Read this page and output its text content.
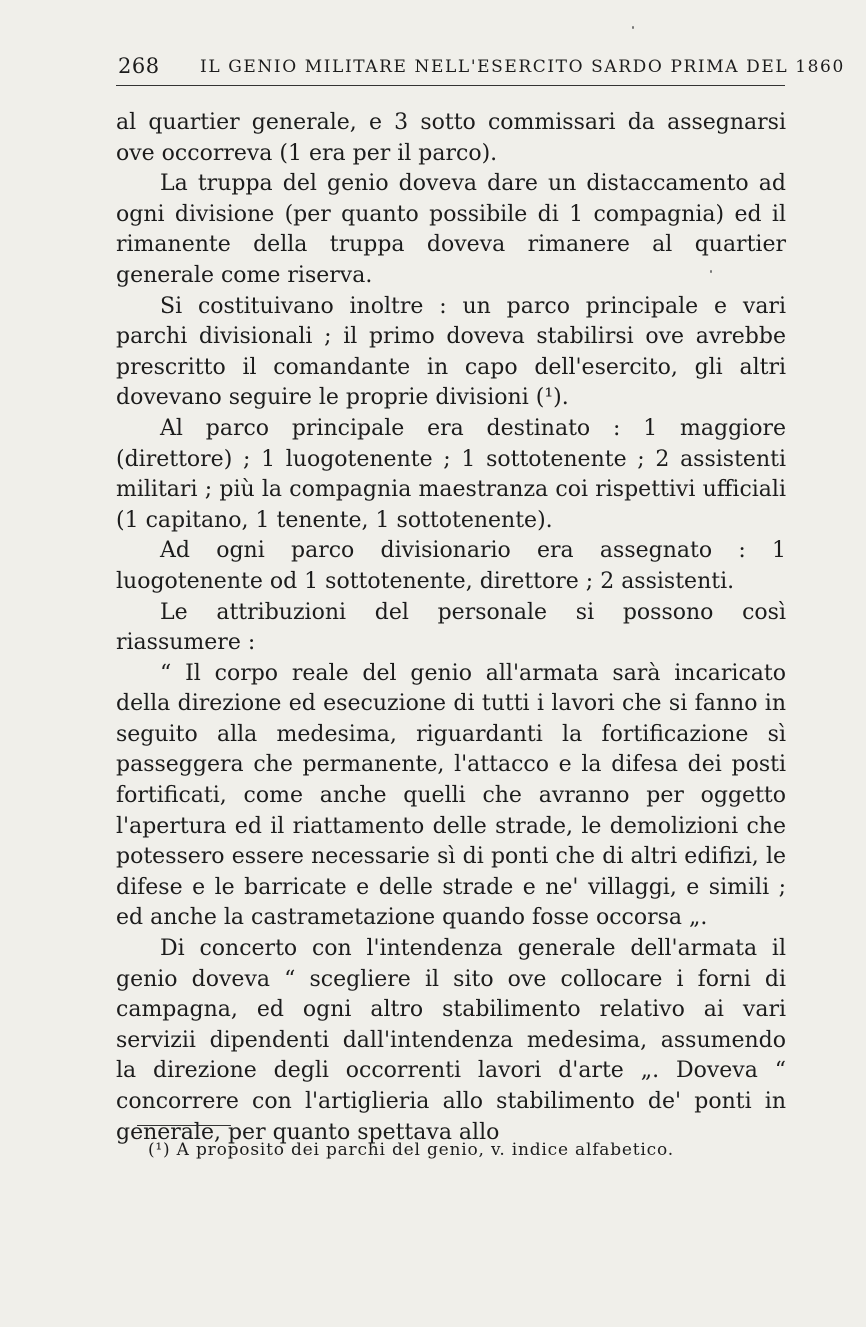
268 IL GENIO MILITARE NELL'ESERCITO SARDO PRIMA DEL 1860

al quartier generale, e 3 sotto commissari da assegnarsi ove occorreva (1 era per il parco).

La truppa del genio doveva dare un distaccamento ad ogni divisione (per quanto possibile di 1 compagnia) ed il rimanente della truppa doveva rimanere al quartier generale come riserva.

Si costituivano inoltre : un parco principale e vari parchi divisionali ; il primo doveva stabilirsi ove avrebbe prescritto il comandante in capo dell'esercito, gli altri dovevano seguire le proprie divisioni (¹).

Al parco principale era destinato : 1 maggiore (direttore) ; 1 luogotenente ; 1 sottotenente ; 2 assistenti militari ; più la compagnia maestranza coi rispettivi ufficiali (1 capitano, 1 tenente, 1 sottotenente).

Ad ogni parco divisionario era assegnato : 1 luogotenente od 1 sottotenente, direttore ; 2 assistenti.

Le attribuzioni del personale si possono così riassumere :

“ Il corpo reale del genio all'armata sarà incaricato della direzione ed esecuzione di tutti i lavori che si fanno in seguito alla medesima, riguardanti la fortificazione sì passeggera che permanente, l'attacco e la difesa dei posti fortificati, come anche quelli che avranno per oggetto l'apertura ed il riattamento delle strade, le demolizioni che potessero essere necessarie sì di ponti che di altri edifizi, le difese e le barricate e delle strade e ne' villaggi, e simili ; ed anche la castrametazione quando fosse occorsa „.

Di concerto con l'intendenza generale dell'armata il genio doveva “ scegliere il sito ove collocare i forni di campagna, ed ogni altro stabilimento relativo ai vari servizii dipendenti dall'intendenza medesima, assumendo la direzione degli occorrenti lavori d'arte „. Doveva “ concorrere con l'artiglieria allo stabilimento de' ponti in generale, per quanto spettava allo

(¹) A proposito dei parchi del genio, v. indice alfabetico.
